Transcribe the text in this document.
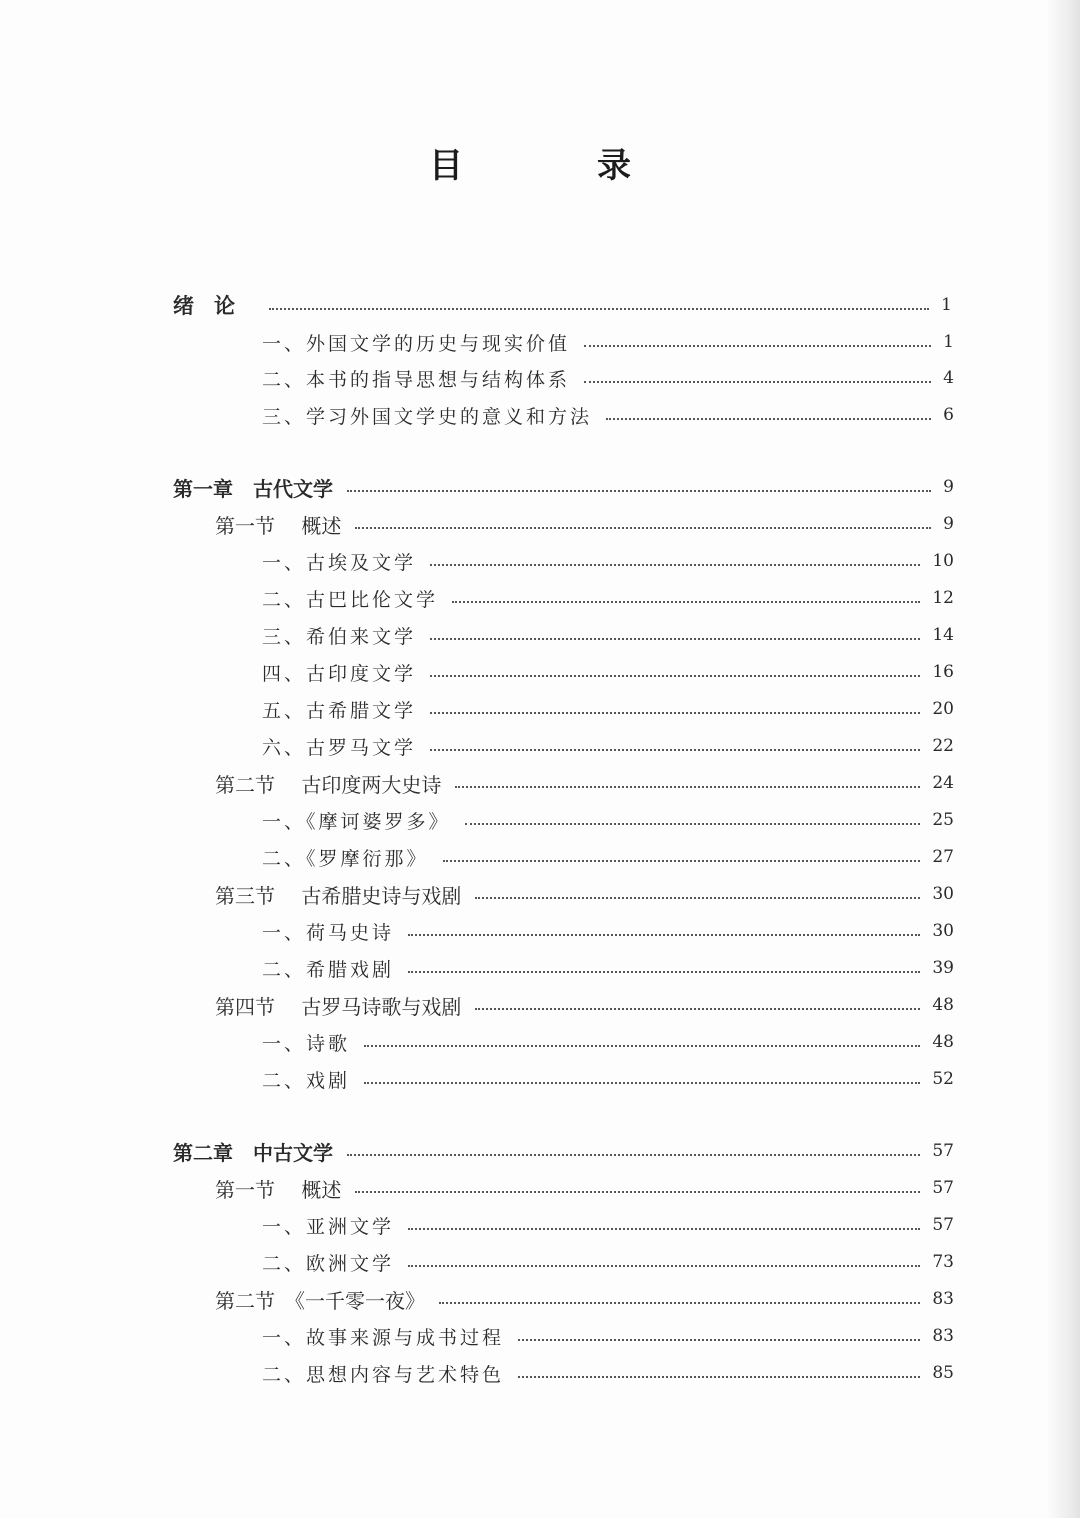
目　录
绪论	1
一、外国文学的历史与现实价值	1
二、本书的指导思想与结构体系	4
三、学习外国文学史的意义和方法	6
第一章　古代文学	9
第一节　 概述	9
一、古埃及文学	10
二、古巴比伦文学	12
三、希伯来文学	14
四、古印度文学	16
五、古希腊文学	20
六、古罗马文学	22
第二节　 古印度两大史诗	24
一、《摩诃婆罗多》	25
二、《罗摩衍那》	27
第三节　 古希腊史诗与戏剧	30
一、荷马史诗	30
二、希腊戏剧	39
第四节　 古罗马诗歌与戏剧	48
一、诗歌	48
二、戏剧	52
第二章　中古文学	57
第一节　 概述	57
一、亚洲文学	57
二、欧洲文学	73
第二节　《一千零一夜》	83
一、故事来源与成书过程	83
二、思想内容与艺术特色	85
